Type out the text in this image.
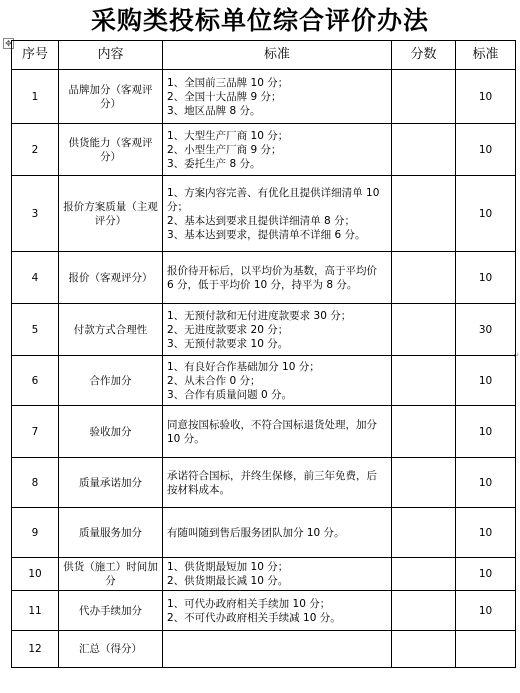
采购类投标单位综合评价办法
✥
↵
序号	内容	标准	分数	标准
1	品牌加分（客观评分）	1、全国前三品牌 10 分；
2、全国十大品牌 9 分；
3、地区品牌 8 分。		10
2	供货能力（客观评分）	1、大型生产厂商 10 分；
2、小型生产厂商 9 分；
3、委托生产 8 分。		10
3	报价方案质量（主观评分）	1、方案内容完善、有优化且提供详细清单 10 分；
2、基本达到要求且提供详细清单 8 分；
3、基本达到要求，提供清单不详细 6 分。		10
4	报价（客观评分）	报价待开标后，以平均价为基数，高于平均价 6 分，低于平均价 10 分，持平为 8 分。		10
5	付款方式合理性	1、无预付款和无付进度款要求 30 分；
2、无进度款要求 20 分；
3、无预付款要求 10 分。		30
6	合作加分	1、有良好合作基础加分 10 分；
2、从未合作 0 分；
3、合作有质量问题 0 分。		10
7	验收加分	同意按国标验收，不符合国标退货处理，加分 10 分。		10
8	质量承诺加分	承诺符合国标，并终生保修，前三年免费，后按材料成本。		10
9	质量服务加分	有随叫随到售后服务团队加分 10 分。		10
10	供货（施工）时间加分	1、供货期最短加 10 分；
2、供货期最长减 10 分。		10
11	代办手续加分	1、可代办政府相关手续加 10 分；
2、不可代办政府相关手续减 10 分。		10
12	汇总（得分）			
